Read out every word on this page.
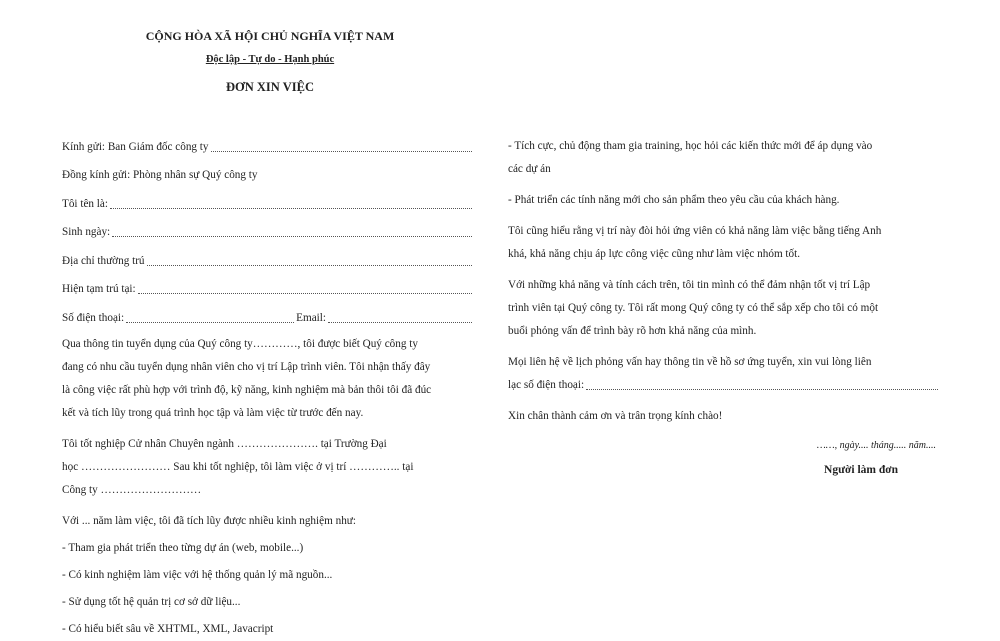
CỘNG HÒA XÃ HỘI CHỦ NGHĨA VIỆT NAM
Độc lập - Tự do - Hạnh phúc
ĐƠN XIN VIỆC
Kính gửi: Ban Giám đốc công ty
Đồng kính gửi: Phòng nhân sự Quý công ty
Tôi tên là:
Sinh ngày:
Địa chỉ thường trú
Hiện tạm trú tại:
Số điện thoại:	Email:
Qua thông tin tuyển dụng của Quý công ty…………, tôi được biết Quý công ty
đang có nhu cầu tuyển dụng nhân viên cho vị trí Lập trình viên. Tôi nhận thấy đây
là công việc rất phù hợp với trình độ, kỹ năng, kinh nghiệm mà bản thôi tôi đã đúc
kết và tích lũy trong quá trình học tập và làm việc từ trước đến nay.
Tôi tốt nghiệp Cử nhân Chuyên ngành …………………. tại Trường Đại
học …………………… Sau khi tốt nghiệp, tôi làm việc ở vị trí ………….. tại
Công ty ………………………
Với ... năm làm việc, tôi đã tích lũy được nhiều kinh nghiệm như:
- Tham gia phát triển theo từng dự án (web, mobile...)
- Có kinh nghiệm làm việc với hệ thống quản lý mã nguồn...
- Sử dụng tốt hệ quản trị cơ sở dữ liệu...
- Có hiểu biết sâu về XHTML, XML, Javacript
- Tích cực, chủ động tham gia training, học hỏi các kiến thức mới để áp dụng vào
các dự án
- Phát triển các tính năng mới cho sản phẩm theo yêu cầu của khách hàng.
Tôi cũng hiểu rằng vị trí này đòi hỏi ứng viên có khả năng làm việc bằng tiếng Anh
khá, khả năng chịu áp lực công việc cũng như làm việc nhóm tốt.
Với những khả năng và tính cách trên, tôi tin mình có thể đảm nhận tốt vị trí Lập
trình viên tại Quý công ty. Tôi rất mong Quý công ty có thể sắp xếp cho tôi có một
buổi phỏng vấn để trình bày rõ hơn khả năng của mình.
Mọi liên hệ về lịch phỏng vấn hay thông tin về hồ sơ ứng tuyển, xin vui lòng liên
lạc số điện thoại:
Xin chân thành cảm ơn và trân trọng kính chào!
……, ngày.... tháng..... năm....
Người làm đơn
